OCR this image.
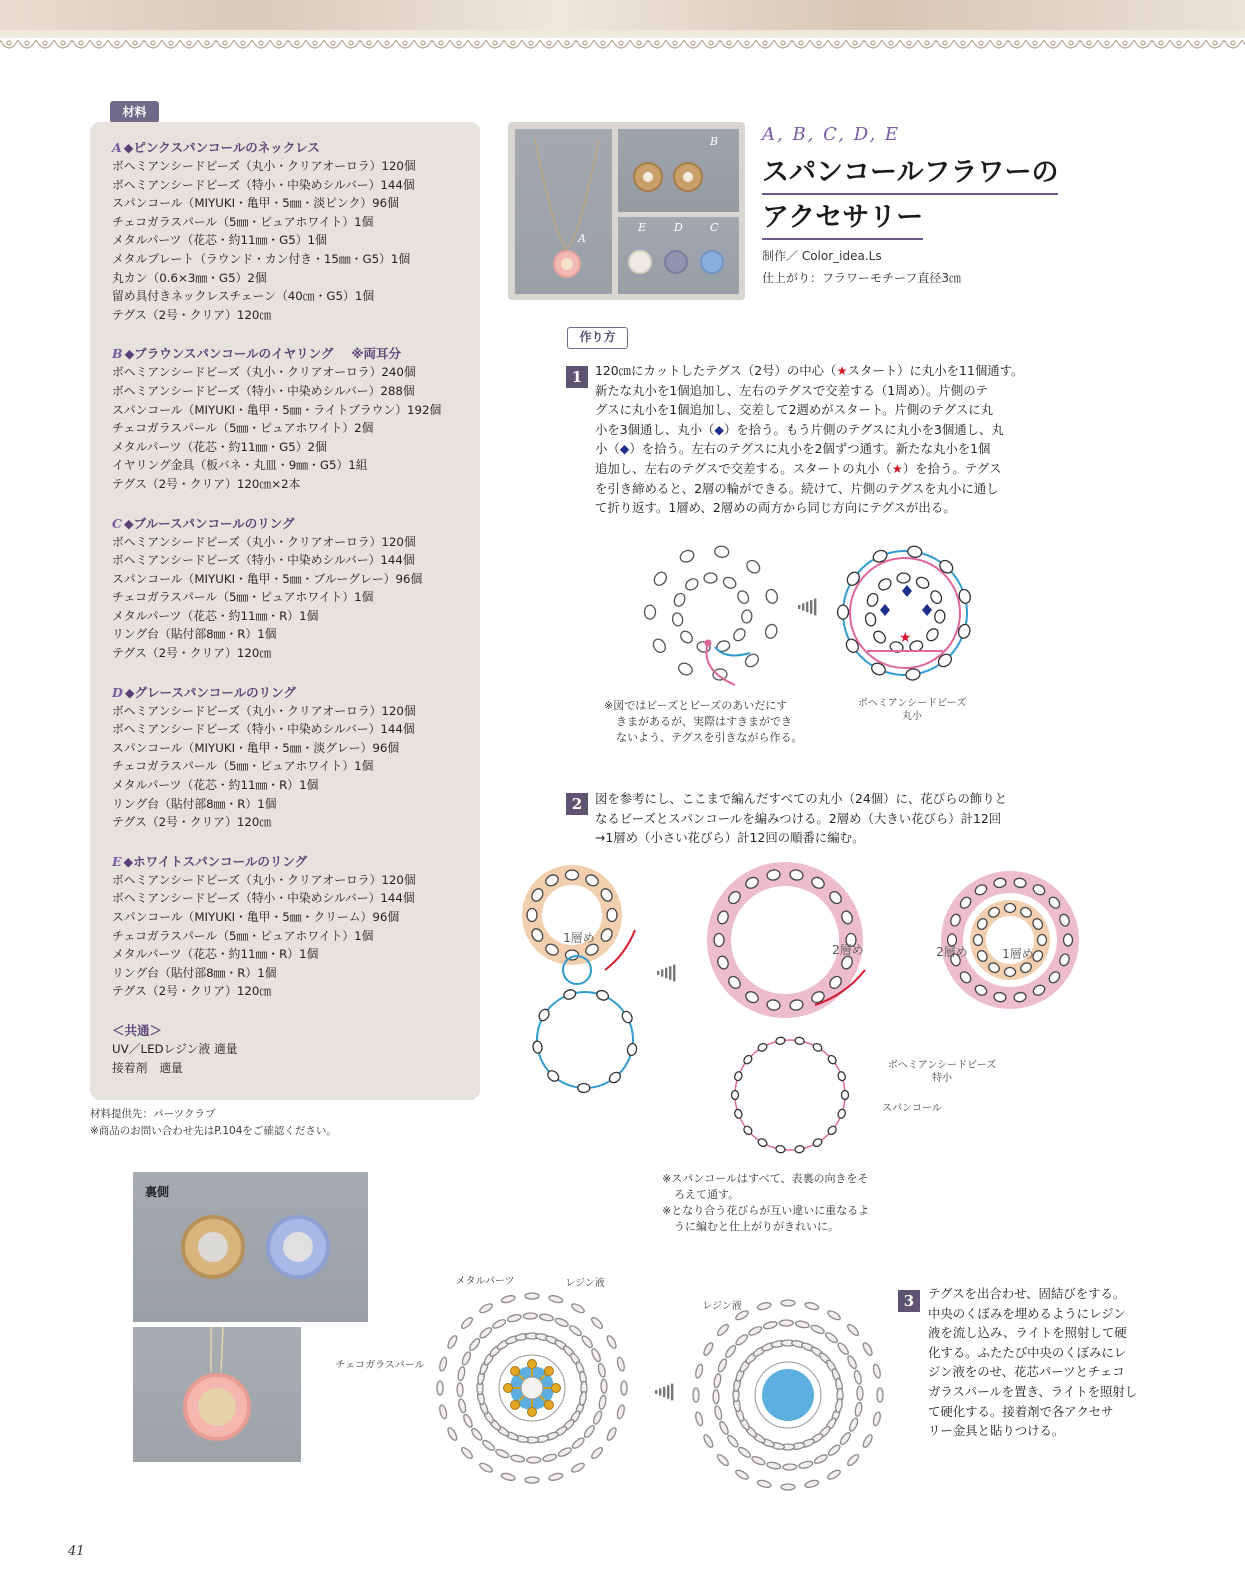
材料
A ◆ピンクスパンコールのネックレス
ボヘミアンシードビーズ（丸小・クリアオーロラ）120個
ボヘミアンシードビーズ（特小・中染めシルバー）144個
スパンコール（MIYUKI・亀甲・5㎜・淡ピンク）96個
チェコガラスパール（5㎜・ピュアホワイト）1個
メタルパーツ（花芯・約11㎜・G5）1個
メタルプレート（ラウンド・カン付き・15㎜・G5）1個
丸カン（0.6×3㎜・G5）2個
留め具付きネックレスチェーン（40㎝・G5）1個
テグス（2号・クリア）120㎝
B ◆ブラウンスパンコールのイヤリング ※両耳分
ボヘミアンシードビーズ（丸小・クリアオーロラ）240個
ボヘミアンシードビーズ（特小・中染めシルバー）288個
スパンコール（MIYUKI・亀甲・5㎜・ライトブラウン）192個
チェコガラスパール（5㎜・ピュアホワイト）2個
メタルパーツ（花芯・約11㎜・G5）2個
イヤリング金具（板バネ・丸皿・9㎜・G5）1組
テグス（2号・クリア）120㎝×2本
C ◆ブルースパンコールのリング
ボヘミアンシードビーズ（丸小・クリアオーロラ）120個
ボヘミアンシードビーズ（特小・中染めシルバー）144個
スパンコール（MIYUKI・亀甲・5㎜・ブルーグレー）96個
チェコガラスパール（5㎜・ピュアホワイト）1個
メタルパーツ（花芯・約11㎜・R）1個
リング台（貼付部8㎜・R）1個
テグス（2号・クリア）120㎝
D ◆グレースパンコールのリング
ボヘミアンシードビーズ（丸小・クリアオーロラ）120個
ボヘミアンシードビーズ（特小・中染めシルバー）144個
スパンコール（MIYUKI・亀甲・5㎜・淡グレー）96個
チェコガラスパール（5㎜・ピュアホワイト）1個
メタルパーツ（花芯・約11㎜・R）1個
リング台（貼付部8㎜・R）1個
テグス（2号・クリア）120㎝
E ◆ホワイトスパンコールのリング
ボヘミアンシードビーズ（丸小・クリアオーロラ）120個
ボヘミアンシードビーズ（特小・中染めシルバー）144個
スパンコール（MIYUKI・亀甲・5㎜・クリーム）96個
チェコガラスパール（5㎜・ピュアホワイト）1個
メタルパーツ（花芯・約11㎜・R）1個
リング台（貼付部8㎜・R）1個
テグス（2号・クリア）120㎝
＜共通＞
UV／LEDレジン液 適量
接着剤　適量
材料提供先：パーツクラブ
※商品のお問い合わせ先はP.104をご確認ください。
A
B
E	D C
A, B, C, D, E
スパンコールフラワーの
アクセサリー
制作／ Color_idea.Ls
仕上がり：フラワーモチーフ直径3㎝
作り方
1	120㎝にカットしたテグス（2号）の中心（★スタート）に丸小を11個通す。
新たな丸小を1個追加し、左右のテグスで交差する（1周め）。片側のテ
グスに丸小を1個追加し、交差して2週めがスタート。片側のテグスに丸
小を3個通し、丸小（◆）を拾う。もう片側のテグスに丸小を3個通し、丸
小（◆）を拾う。左右のテグスに丸小を2個ずつ通す。新たな丸小を1個
追加し、左右のテグスで交差する。スタートの丸小（★）を拾う。テグス
を引き締めると、2層の輪ができる。続けて、片側のテグスを丸小に通し
て折り返す。1層め、2層めの両方から同じ方向にテグスが出る。
2	図を参考にし、ここまで編んだすべての丸小（24個）に、花びらの飾りと
なるビーズとスパンコールを編みつける。2層め（大きい花びら）計12回
→1層め（小さい花びら）計12回の順番に編む。
3	テグスを出合わせ、固結びをする。
中央のくぼみを埋めるようにレジン
液を流し込み、ライトを照射して硬
化する。ふたたび中央のくぼみにレ
ジン液をのせ、花芯パーツとチェコ
ガラスパールを置き、ライトを照射し
て硬化する。接着剤で各アクセサ
リー金具と貼りつける。
★
※図ではビーズとビーズのあいだにす
きまがあるが、実際はすきまができ
ないよう、テグスを引きながら作る。
ボヘミアンシードビーズ
丸小
1層め
2層め	2層め	1層め
ボヘミアンシードビーズ
特小
スパンコール
※スパンコールはすべて、表裏の向きをそ
ろえて通す。
※となり合う花びらが互い違いに重なるよ
うに編むと仕上がりがきれいに。
裏側
メタルパーツ	レジン液
チェコガラスパール
レジン液
41
